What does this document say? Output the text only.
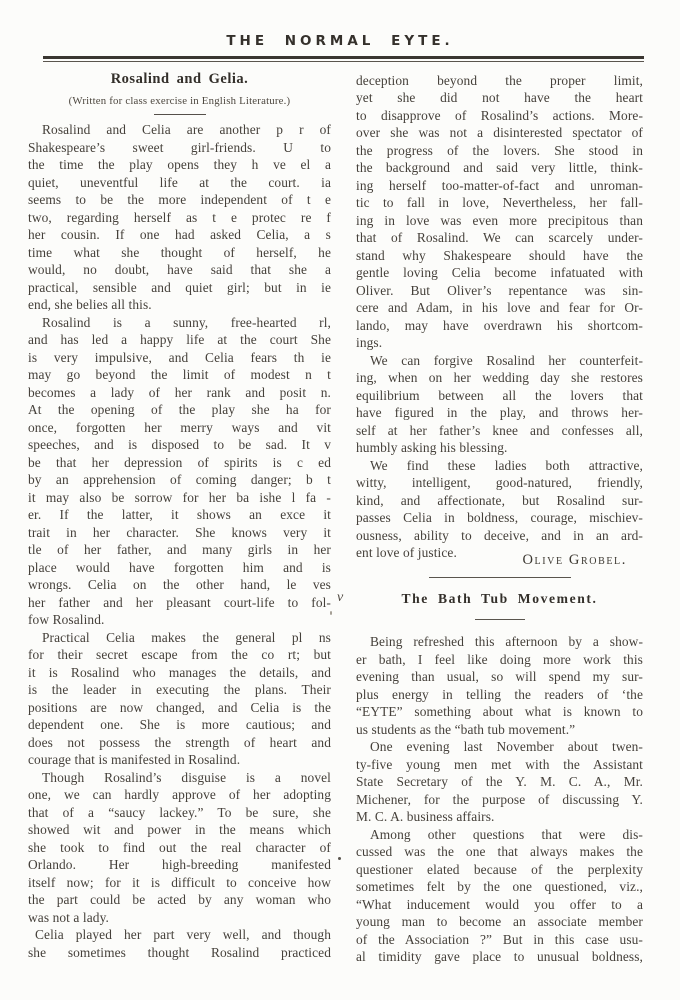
THE NORMAL EYTE.
Rosalind and Gelia.
(Written for class exercise in English Literature.)
Rosalind and Celia are another p r of
Shakespeare’s sweet girl-friends. U to
the time the play opens they h ve el a
quiet, uneventful life at the court. ia
seems to be the more independent of t e
two, regarding herself as t e protec re f
her cousin. If one had asked Celia, a s
time what she thought of herself, he
would, no doubt, have said that she a
practical, sensible and quiet girl; but in ie
end, she belies all this.
Rosalind is a sunny, free-hearted rl,
and has led a happy life at the court She
is very impulsive, and Celia fears th ie
may go beyond the limit of modest n t
becomes a lady of her rank and posit n.
At the opening of the play she ha for
once, forgotten her merry ways and vit
speeches, and is disposed to be sad. It v
be that her depression of spirits is c ed
by an apprehension of coming danger; b t
it may also be sorrow for her ba ishe l fa -
er. If the latter, it shows an exce it
trait in her character. She knows very it
tle of her father, and many girls in her
place would have forgotten him and is
wrongs. Celia on the other hand, le ves
her father and her pleasant court-life to fol-
fow Rosalind.
Practical Celia makes the general pl ns
for their secret escape from the co rt; but
it is Rosalind who manages the details, and
is the leader in executing the plans. Their
positions are now changed, and Celia is the
dependent one. She is more cautious; and
does not possess the strength of heart and
courage that is manifested in Rosalind.
Though Rosalind’s disguise is a novel
one, we can hardly approve of her adopting
that of a “saucy lackey.” To be sure, she
showed wit and power in the means which
she took to find out the real character of
Orlando. Her high-breeding manifested
itself now; for it is difficult to conceive how
the part could be acted by any woman who
was not a lady.
Celia played her part very well, and though
she sometimes thought Rosalind practiced
deception beyond the proper limit,
yet she did not have the heart
to disapprove of Rosalind’s actions. More-
over she was not a disinterested spectator of
the progress of the lovers. She stood in
the background and said very little, think-
ing herself too-matter-of-fact and unroman-
tic to fall in love, Nevertheless, her fall-
ing in love was even more precipitous than
that of Rosalind. We can scarcely under-
stand why Shakespeare should have the
gentle loving Celia become infatuated with
Oliver. But Oliver’s repentance was sin-
cere and Adam, in his love and fear for Or-
lando, may have overdrawn his shortcom-
ings.
We can forgive Rosalind her counterfeit-
ing, when on her wedding day she restores
equilibrium between all the lovers that
have figured in the play, and throws her-
self at her father’s knee and confesses all,
humbly asking his blessing.
We find these ladies both attractive,
witty, intelligent, good-natured, friendly,
kind, and affectionate, but Rosalind sur-
passes Celia in boldness, courage, mischiev-
ousness, ability to deceive, and in an ard-
ent love of justice.	Olive Grobel.
The Bath Tub Movement.
Being refreshed this afternoon by a show-
er bath, I feel like doing more work this
evening than usual, so will spend my sur-
plus energy in telling the readers of ‘the
“EYTE” something about what is known to
us students as the “bath tub movement.”
One evening last November about twen-
ty-five young men met with the Assistant
State Secretary of the Y. M. C. A., Mr.
Michener, for the purpose of discussing Y.
M. C. A. business affairs.
Among other questions that were dis-
cussed was the one that always makes the
questioner elated because of the perplexity
sometimes felt by the one questioned, viz.,
“What inducement would you offer to a
young man to become an associate member
of the Association ?” But in this case usu-
al timidity gave place to unusual boldness,
v
